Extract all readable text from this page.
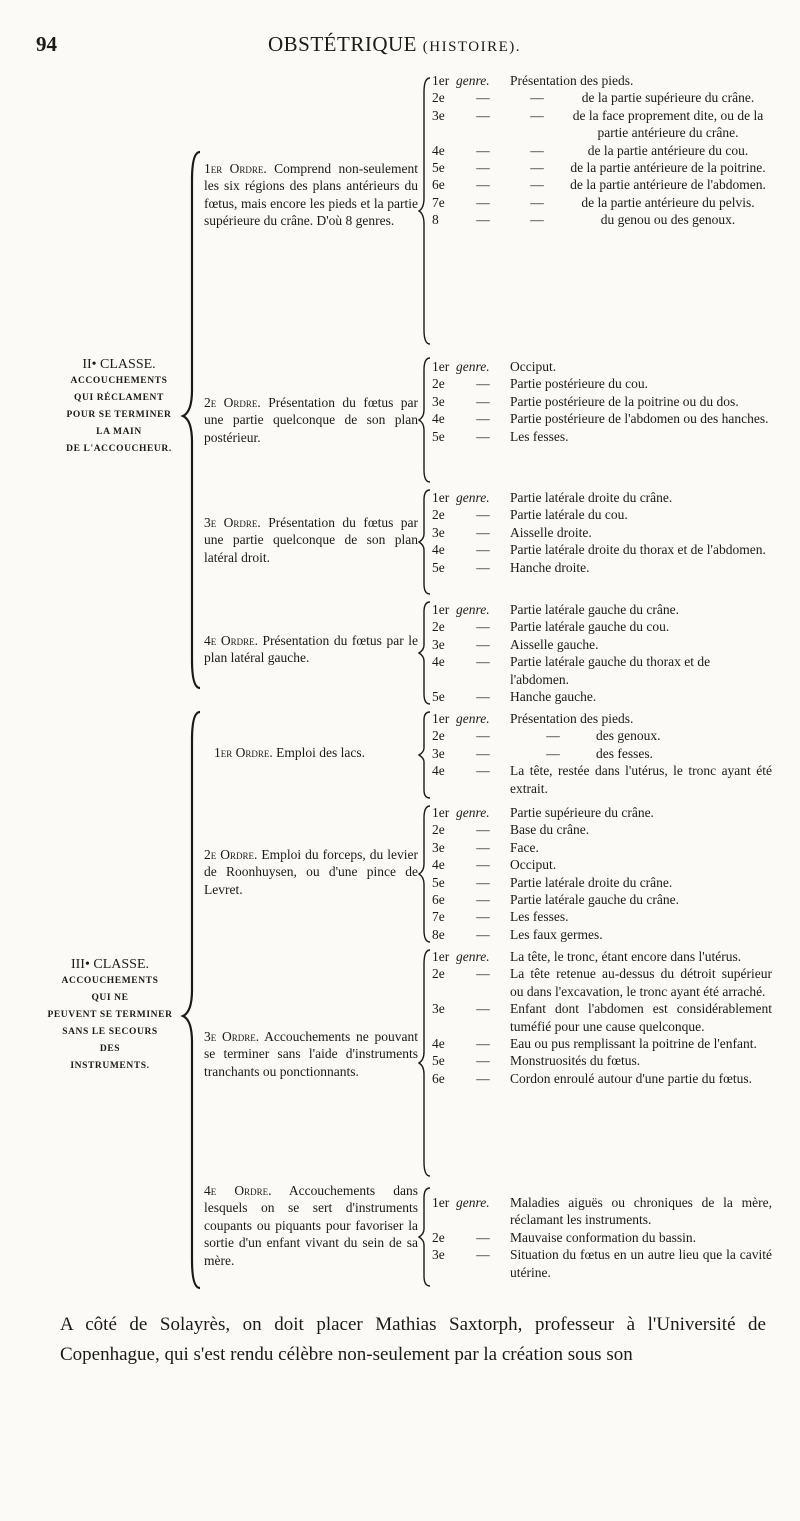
94	OBSTÉTRIQUE (HISTOIRE).
II• CLASSE.
ACCOUCHEMENTS
QUI RÉCLAMENT
POUR SE TERMINER
LA MAIN
DE L'ACCOUCHEUR.
III• CLASSE.
ACCOUCHEMENTS
QUI NE
PEUVENT SE TERMINER
SANS LE SECOURS
DES
INSTRUMENTS.
1er Ordre. Comprend non-seulement les six régions des plans antérieurs du fœtus, mais encore les pieds et la partie supérieure du crâne. D'où 8 genres.
1er genre.	Présentation des pieds.
2e	—	—	de la partie supérieure du crâne.
3e	—	—	de la face proprement dite, ou de la partie antérieure du crâne.
4e	—	—	de la partie antérieure du cou.
5e	—	—	de la partie antérieure de la poitrine.
6e	—	—	de la partie antérieure de l'abdomen.
7e	—	—	de la partie antérieure du pelvis.
8	—	—	du genou ou des genoux.
2e Ordre. Présentation du fœtus par une partie quelconque de son plan postérieur.
1er genre.	Occiput.
2e	—	Partie postérieure du cou.
3e	—	Partie postérieure de la poitrine ou du dos.
4e	—	Partie postérieure de l'abdomen ou des hanches.
5e	—	Les fesses.
3e Ordre. Présentation du fœtus par une partie quelconque de son plan latéral droit.
1er genre.	Partie latérale droite du crâne.
2e	—	Partie latérale du cou.
3e	—	Aisselle droite.
4e	—	Partie latérale droite du thorax et de l'abdomen.
5e	—	Hanche droite.
4e Ordre. Présentation du fœtus par le plan latéral gauche.
1er genre.	Partie latérale gauche du crâne.
2e	—	Partie latérale gauche du cou.
3e	—	Aisselle gauche.
4e	—	Partie latérale gauche du thorax et de l'abdomen.
5e	—	Hanche gauche.
1er Ordre. Emploi des lacs.
1er genre.	Présentation des pieds.
2e	—	—	des genoux.
3e	—	—	des fesses.
4e	—	La tête, restée dans l'utérus, le tronc ayant été extrait.
2e Ordre. Emploi du forceps, du levier de Roonhuysen, ou d'une pince de Levret.
1er genre.	Partie supérieure du crâne.
2e	—	Base du crâne.
3e	—	Face.
4e	—	Occiput.
5e	—	Partie latérale droite du crâne.
6e	—	Partie latérale gauche du crâne.
7e	—	Les fesses.
8e	—	Les faux germes.
3e Ordre. Accouchements ne pouvant se terminer sans l'aide d'instruments tranchants ou ponctionnants.
1er genre.	La tête, le tronc, étant encore dans l'utérus.
2e	—	La tête retenue au-dessus du détroit supérieur ou dans l'excavation, le tronc ayant été arraché.
3e	—	Enfant dont l'abdomen est considérablement tuméfié pour une cause quelconque.
4e	—	Eau ou pus remplissant la poitrine de l'enfant.
5e	—	Monstruosités du fœtus.
6e	—	Cordon enroulé autour d'une partie du fœtus.
4e Ordre. Accouchements dans lesquels on se sert d'instruments coupants ou piquants pour favoriser la sortie d'un enfant vivant du sein de sa mère.
1er genre.	Maladies aiguës ou chroniques de la mère, réclamant les instruments.
2e	—	Mauvaise conformation du bassin.
3e	—	Situation du fœtus en un autre lieu que la cavité utérine.
A côté de Solayrès, on doit placer Mathias Saxtorph, professeur à l'Université de Copenhague, qui s'est rendu célèbre non-seulement par la création sous son
